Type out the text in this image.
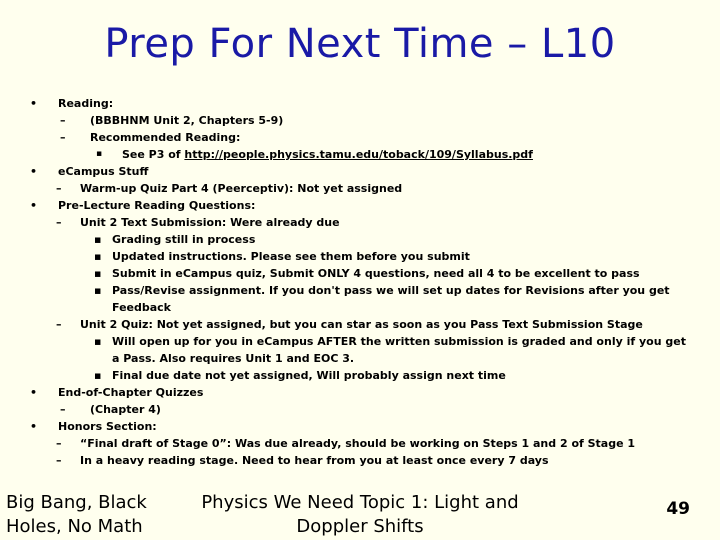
Prep For Next Time – L10
• Reading:
– (BBBHNM Unit 2, Chapters 5-9)
– Recommended Reading:
▪ See P3 of http://people.physics.tamu.edu/toback/109/Syllabus.pdf
• eCampus Stuff
– Warm-up Quiz Part 4 (Peerceptiv): Not yet assigned
• Pre-Lecture Reading Questions:
– Unit 2 Text Submission: Were already due
▪ Grading still in process
▪ Updated instructions. Please see them before you submit
▪ Submit in eCampus quiz, Submit ONLY 4 questions, need all 4 to be excellent to pass
▪ Pass/Revise assignment. If you don't pass we will set up dates for Revisions after you get Feedback
– Unit 2 Quiz: Not yet assigned, but you can star as soon as you Pass Text Submission Stage
▪ Will open up for you in eCampus AFTER the written submission is graded and only if you get a Pass. Also requires Unit 1 and EOC 3.
▪ Final due date not yet assigned, Will probably assign next time
• End-of-Chapter Quizzes
– (Chapter 4)
• Honors Section:
– “Final draft of Stage 0”: Was due already, should be working on Steps 1 and 2 of Stage 1
– In a heavy reading stage. Need to hear from you at least once every 7 days
Big Bang, Black Holes, No Math
Physics We Need Topic 1: Light and Doppler Shifts
49
